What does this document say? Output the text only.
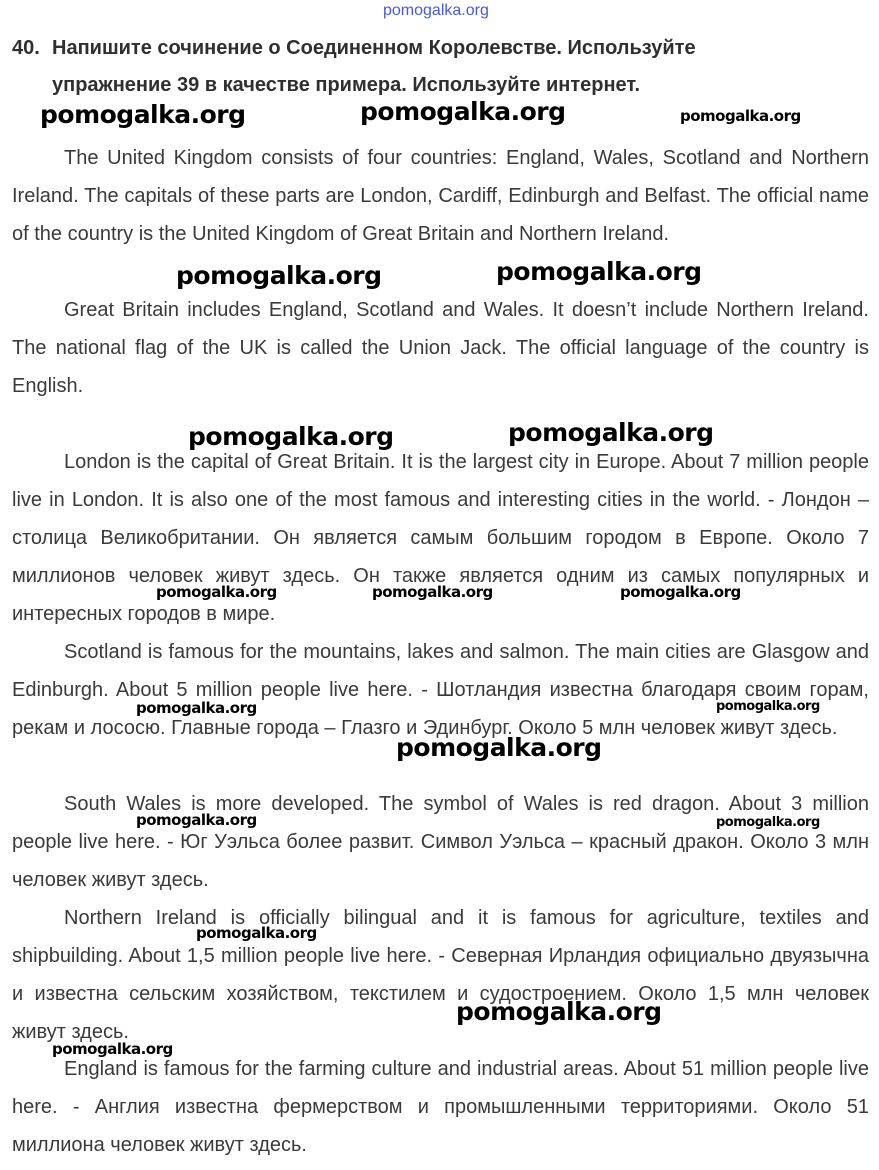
pomogalka.org
40. Напишите сочинение о Соединенном Королевстве. Используйте
упражнение 39 в качестве примера. Используйте интернет.

The United Kingdom consists of four countries: England, Wales, Scotland and Northern Ireland. The capitals of these parts are London, Cardiff, Edinburgh and Belfast. The official name of the country is the United Kingdom of Great Britain and Northern Ireland.

Great Britain includes England, Scotland and Wales. It doesn’t include Northern Ireland. The national flag of the UK is called the Union Jack. The official language of the country is English.

London is the capital of Great Britain. It is the largest city in Europe. About 7 million people live in London. It is also one of the most famous and interesting cities in the world. - Лондон – столица Великобритании. Он является самым большим городом в Европе. Около 7 миллионов человек живут здесь. Он также является одним из самых популярных и интересных городов в мире.

Scotland is famous for the mountains, lakes and salmon. The main cities are Glasgow and Edinburgh. About 5 million people live here. - Шотландия известна благодаря своим горам, рекам и лососю. Главные города – Глазго и Эдинбург. Около 5 млн человек живут здесь.

South Wales is more developed. The symbol of Wales is red dragon. About 3 million people live here. - Юг Уэльса более развит. Символ Уэльса – красный дракон. Около 3 млн человек живут здесь.

Northern Ireland is officially bilingual and it is famous for agriculture, textiles and shipbuilding. About 1,5 million people live here. - Северная Ирландия официально двуязычна и известна сельским хозяйством, текстилем и судостроением. Около 1,5 млн человек живут здесь.

England is famous for the farming culture and industrial areas. About 51 million people live here. - Англия известна фермерством и промышленными территориями. Около 51 миллиона человек живут здесь.

pomogalka.org	pomogalka.org	pomogalka.org
pomogalka.org	pomogalka.org
pomogalka.org	pomogalka.org
pomogalka.org	pomogalka.org	pomogalka.org
pomogalka.org	pomogalka.org
pomogalka.org
pomogalka.org	pomogalka.org
pomogalka.org
pomogalka.org
pomogalka.org
